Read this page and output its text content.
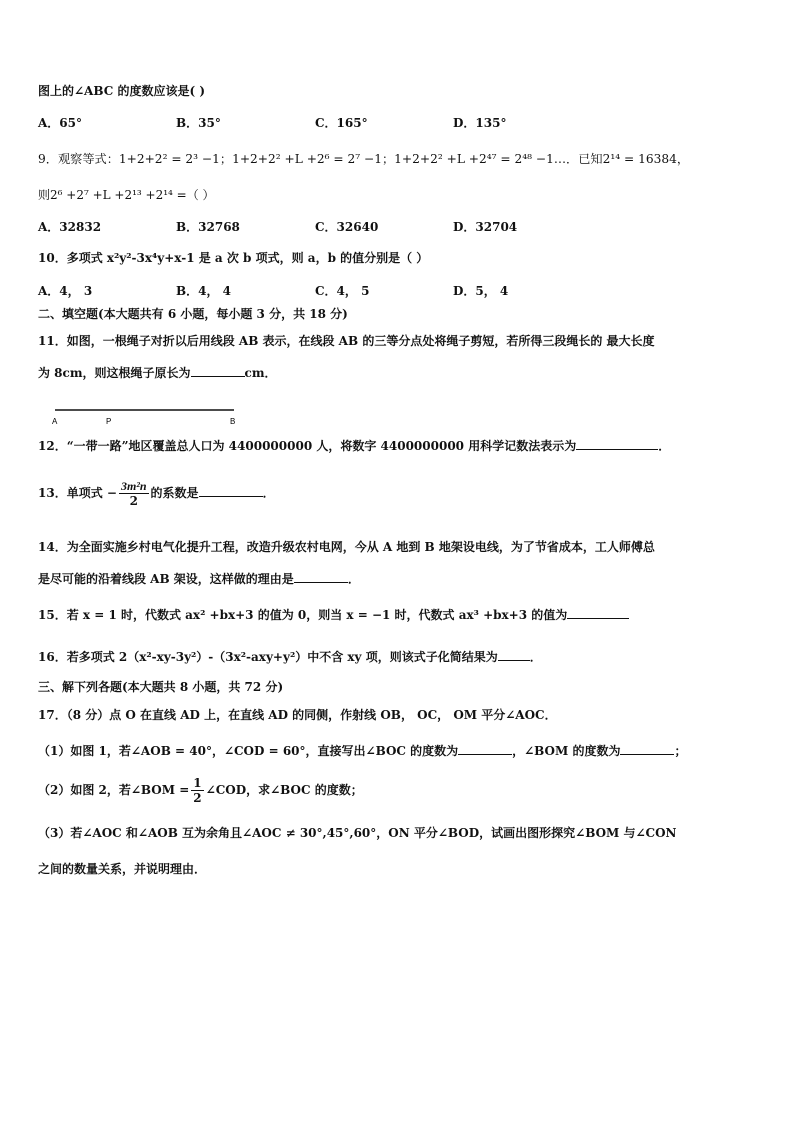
图上的∠ABC 的度数应该是( )
A．65°	B．35°	C．165°	D．135°
9．观察等式：1+2+2² = 2³ −1；1+2+2² +L +2⁶ = 2⁷ −1；1+2+2² +L +2⁴⁷ = 2⁴⁸ −1…．已知2¹⁴ = 16384，
则2⁶ +2⁷ +L +2¹³ +2¹⁴ =（ ）
A．32832	B．32768	C．32640	D．32704
10．多项式 x²y²-3x⁴y+x-1 是 a 次 b 项式，则 a，b 的值分别是（ ）
A．4， 3	B．4， 4	C．4， 5	D．5， 4
二、填空题(本大题共有 6 小题，每小题 3 分，共 18 分)
11．如图，一根绳子对折以后用线段 AB 表示，在线段 AB 的三等分点处将绳子剪短，若所得三段绳长的 最大长度
为 8cm，则这根绳子原长为	cm．
A	P	B
12．“一带一路”地区覆盖总人口为 4400000000 人，将数字 4400000000 用科学记数法表示为	．
13．单项式 − $\frac{\text{3m²n}}{2}$ 的系数是	．
14．为全面实施乡村电气化提升工程，改造升级农村电网，今从 A 地到 B 地架设电线，为了节省成本，工人师傅总
是尽可能的沿着线段 AB 架设，这样做的理由是	．
15．若 x = 1 时，代数式 ax² +bx+3 的值为 0，则当 x = −1 时，代数式 ax³ +bx+3 的值为
16．若多项式 2（x²-xy-3y²）-（3x²-axy+y²）中不含 xy 项，则该式子化简结果为	．
三、解下列各题(本大题共 8 小题，共 72 分)
17．（8 分）点 O 在直线 AD 上，在直线 AD 的同侧，作射线 OB， OC， OM 平分∠AOC．
（1）如图 1，若∠AOB = 40°，∠COD = 60°，直接写出∠BOC 的度数为	，∠BOM 的度数为	；
（2）如图 2，若∠BOM = $\frac{1}{2}$ ∠COD，求∠BOC 的度数；
（3）若∠AOC 和∠AOB 互为余角且∠AOC ≠ 30°,45°,60°，ON 平分∠BOD，试画出图形探究∠BOM 与∠CON
之间的数量关系，并说明理由．
